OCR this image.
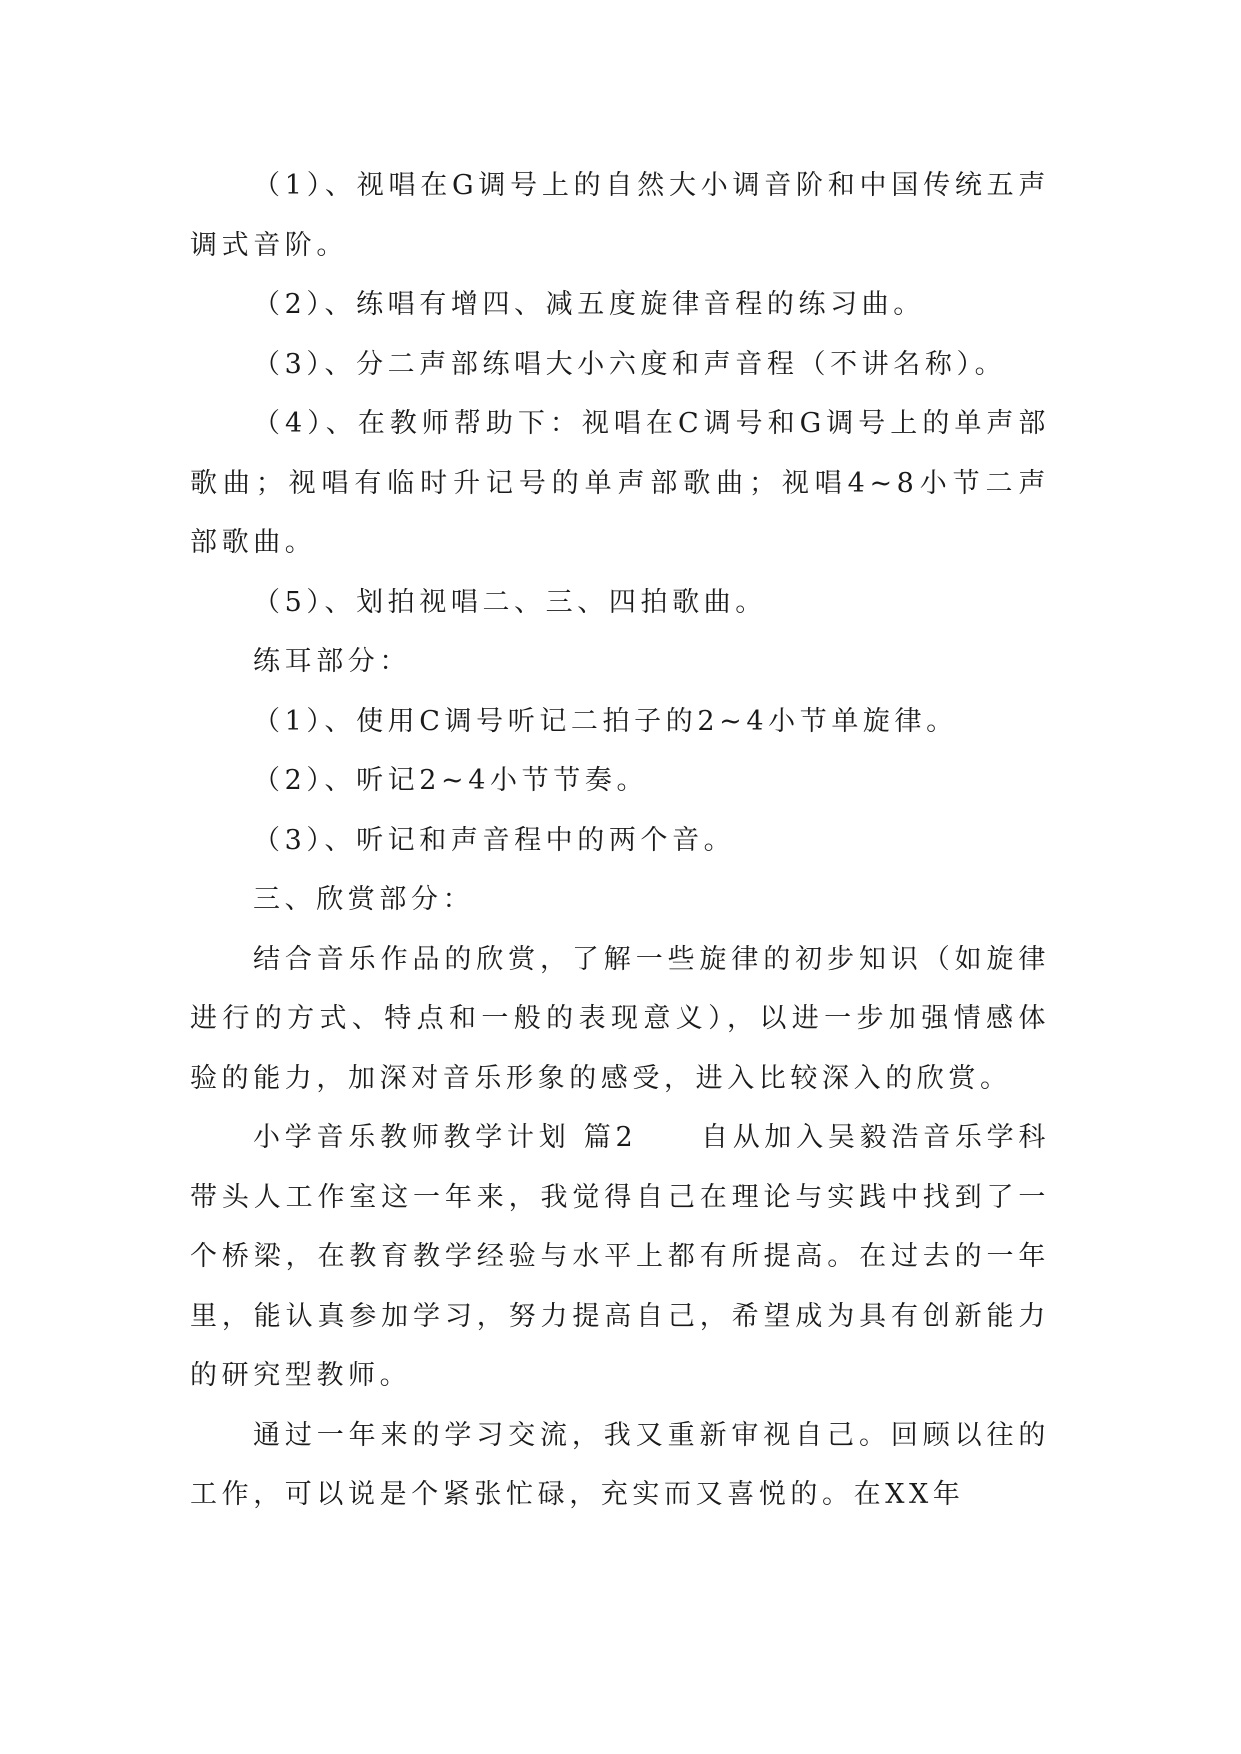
（1）、视唱在G调号上的自然大小调音阶和中国传统五声调式音阶。

（2）、练唱有增四、减五度旋律音程的练习曲。

（3）、分二声部练唱大小六度和声音程（不讲名称）。

（4）、在教师帮助下：视唱在C调号和G调号上的单声部歌曲；视唱有临时升记号的单声部歌曲；视唱4~8小节二声部歌曲。

（5）、划拍视唱二、三、四拍歌曲。

练耳部分：

（1）、使用C调号听记二拍子的2~4小节单旋律。

（2）、听记2~4小节节奏。

（3）、听记和声音程中的两个音。

三、欣赏部分：

结合音乐作品的欣赏，了解一些旋律的初步知识（如旋律进行的方式、特点和一般的表现意义），以进一步加强情感体验的能力，加深对音乐形象的感受，进入比较深入的欣赏。

小学音乐教师教学计划 篇2　　自从加入吴毅浩音乐学科带头人工作室这一年来，我觉得自己在理论与实践中找到了一个桥梁，在教育教学经验与水平上都有所提高。在过去的一年里，能认真参加学习，努力提高自己，希望成为具有创新能力的研究型教师。

通过一年来的学习交流，我又重新审视自己。回顾以往的工作，可以说是个紧张忙碌，充实而又喜悦的。在XX年
